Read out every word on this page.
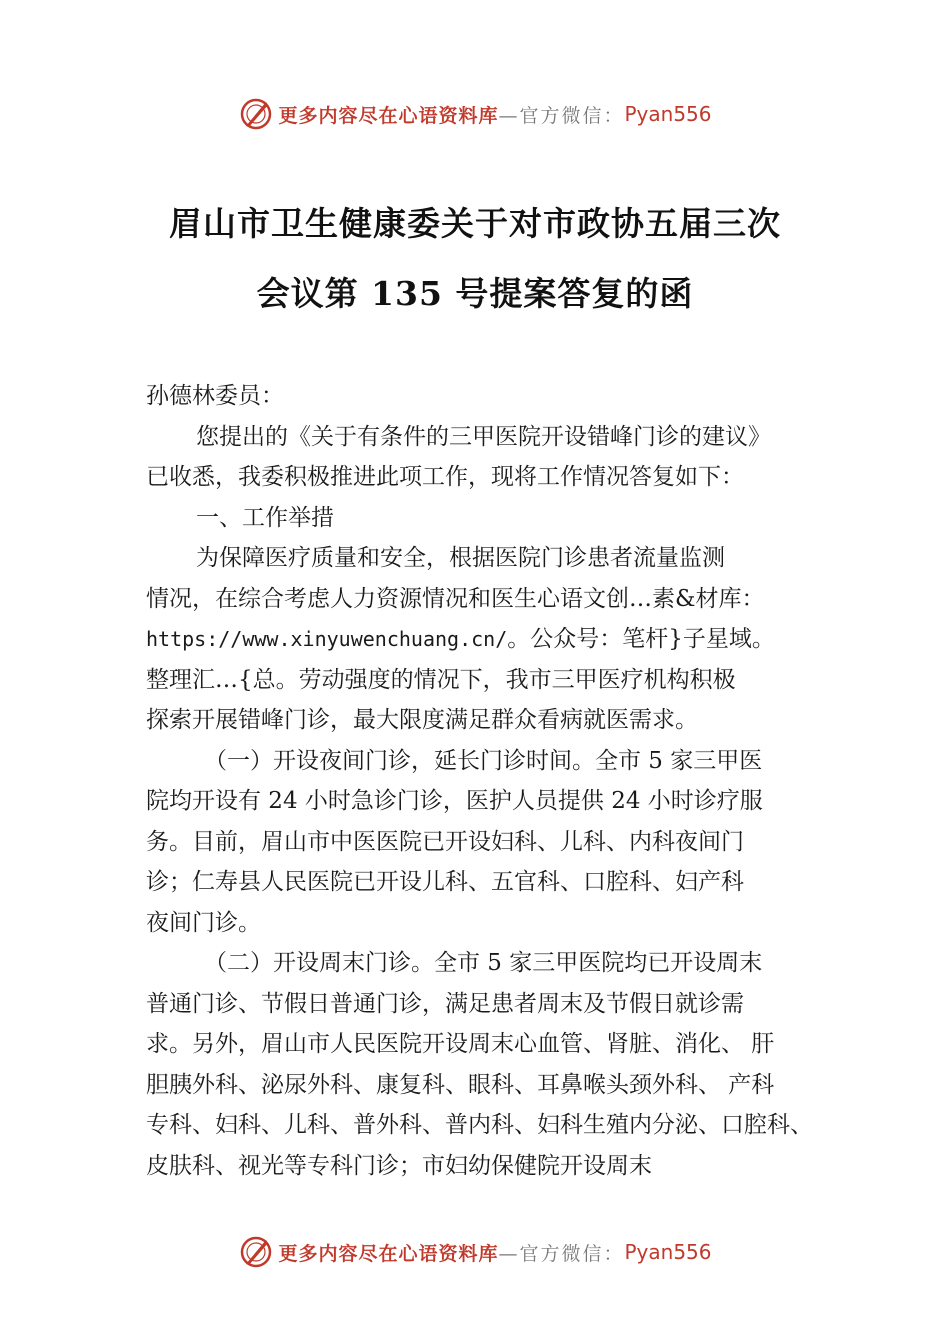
更多内容尽在心语资料库 —官方微信： Pyan556
眉山市卫生健康委关于对市政协五届三次
会议第 135 号提案答复的函
孙德林委员：
您提出的《关于有条件的三甲医院开设错峰门诊的建议》
已收悉，我委积极推进此项工作，现将工作情况答复如下：
一、工作举措
为保障医疗质量和安全，根据医院门诊患者流量监测
情况，在综合考虑人力资源情况和医生心语文创…素&材库：
https://www.xinyuwenchuang.cn/。公众号：笔杆}子星域。
整理汇…{总。劳动强度的情况下，我市三甲医疗机构积极
探索开展错峰门诊，最大限度满足群众看病就医需求。
（一）开设夜间门诊，延长门诊时间。全市 5 家三甲医
院均开设有 24 小时急诊门诊，医护人员提供 24 小时诊疗服
务。目前，眉山市中医医院已开设妇科、儿科、内科夜间门
诊；仁寿县人民医院已开设儿科、五官科、口腔科、妇产科
夜间门诊。
（二）开设周末门诊。全市 5 家三甲医院均已开设周末
普通门诊、节假日普通门诊，满足患者周末及节假日就诊需
求。另外，眉山市人民医院开设周末心血管、肾脏、消化、 肝
胆胰外科、泌尿外科、康复科、眼科、耳鼻喉头颈外科、 产科
专科、妇科、儿科、普外科、普内科、妇科生殖内分泌、口腔科、
皮肤科、视光等专科门诊；市妇幼保健院开设周末
更多内容尽在心语资料库 —官方微信： Pyan556
